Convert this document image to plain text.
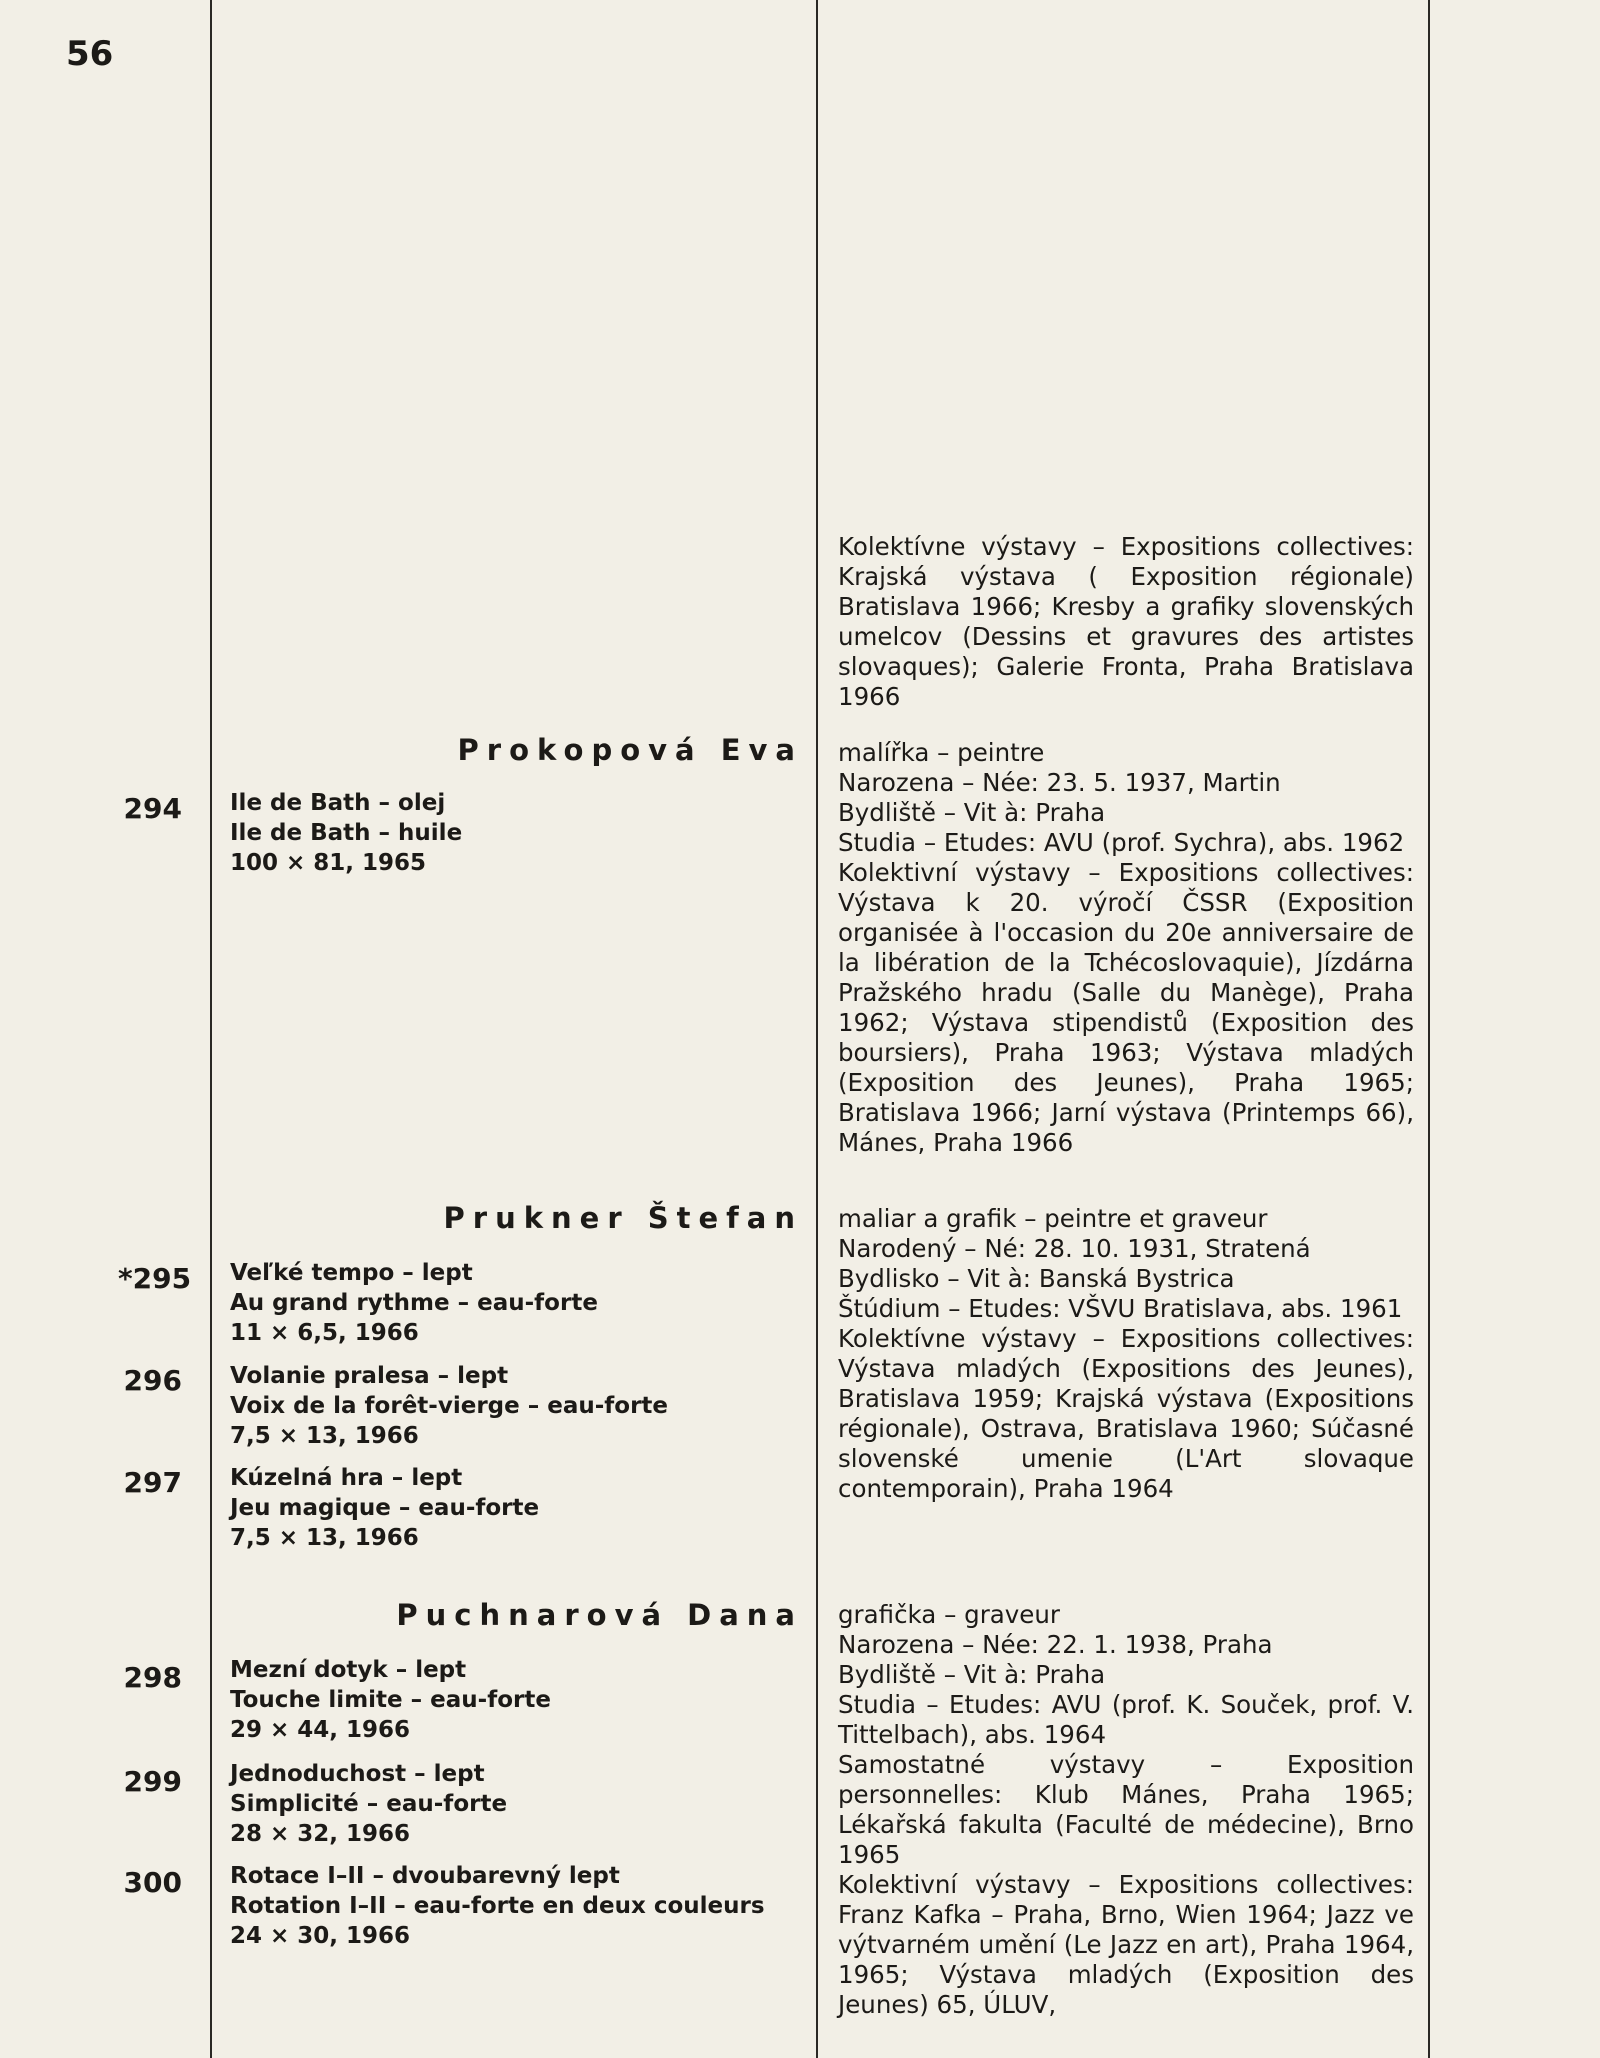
56
Kolektívne výstavy – Expositions collectives: Krajská výstava ( Exposition régionale) Bratislava 1966; Kresby a grafiky slovenských umelcov (Dessins et gravures des artistes slovaques); Galerie Fronta, Praha Bratislava 1966
Prokopová Eva malířka – peintre
Narozena – Née: 23. 5. 1937, Martin
Bydliště – Vit à: Praha
Studia – Etudes: AVU (prof. Sychra), abs. 1962
Kolektivní výstavy – Expositions collectives: Výstava k 20. výročí ČSSR (Exposition organisée à l'occasion du 20e anniversaire de la libération de la Tchécoslovaquie), Jízdárna Pražského hradu (Salle du Manège), Praha 1962; Výstava stipendistů (Exposition des boursiers), Praha 1963; Výstava mladých (Exposition des Jeunes), Praha 1965; Bratislava 1966; Jarní výstava (Printemps 66), Mánes, Praha 1966
294 Ile de Bath – olej
Ile de Bath – huile
100 × 81, 1965
Prukner Štefan maliar a grafik – peintre et graveur
Narodený – Né: 28. 10. 1931, Stratená
Bydlisko – Vit à: Banská Bystrica
Štúdium – Etudes: VŠVU Bratislava, abs. 1961
Kolektívne výstavy – Expositions collectives: Výstava mladých (Expositions des Jeunes), Bratislava 1959; Krajská výstava (Expositions régionale), Ostrava, Bratislava 1960; Súčasné slovenské umenie (L'Art slovaque contemporain), Praha 1964
*295 Veľké tempo – lept
Au grand rythme – eau-forte
11 × 6,5, 1966
296 Volanie pralesa – lept
Voix de la forêt-vierge – eau-forte
7,5 × 13, 1966
297 Kúzelná hra – lept
Jeu magique – eau-forte
7,5 × 13, 1966
Puchnarová Dana grafička – graveur
Narozena – Née: 22. 1. 1938, Praha
Bydliště – Vit à: Praha
Studia – Etudes: AVU (prof. K. Souček, prof. V. Tittelbach), abs. 1964
Samostatné výstavy – Exposition personnelles: Klub Mánes, Praha 1965; Lékařská fakulta (Faculté de médecine), Brno 1965
Kolektivní výstavy – Expositions collectives: Franz Kafka – Praha, Brno, Wien 1964; Jazz ve výtvarném umění (Le Jazz en art), Praha 1964, 1965; Výstava mladých (Exposition des Jeunes) 65, ÚLUV,
298 Mezní dotyk – lept
Touche limite – eau-forte
29 × 44, 1966
299 Jednoduchost – lept
Simplicité – eau-forte
28 × 32, 1966
300 Rotace I–II – dvoubarevný lept
Rotation I–II – eau-forte en deux couleurs
24 × 30, 1966
